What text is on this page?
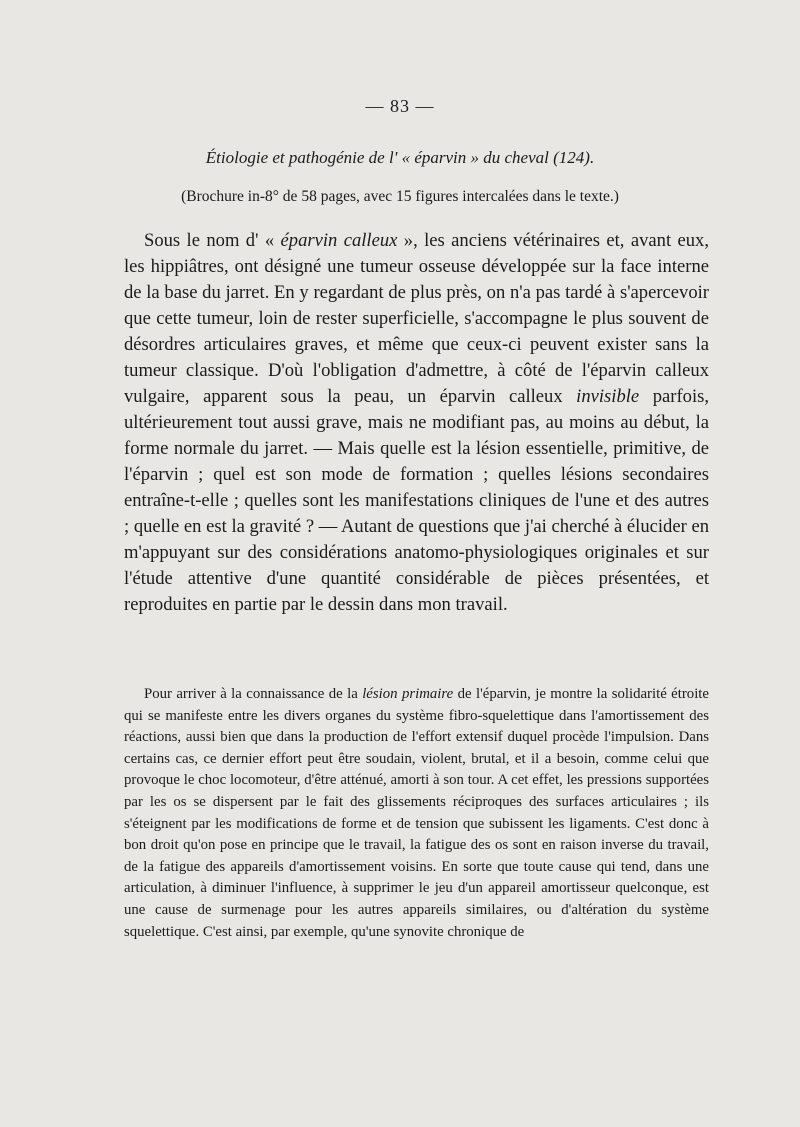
— 83 —
Étiologie et pathogénie de l' « éparvin » du cheval (124).
(Brochure in-8° de 58 pages, avec 15 figures intercalées dans le texte.)

Sous le nom d' « éparvin calleux », les anciens vétérinaires et, avant eux, les hippiâtres, ont désigné une tumeur osseuse développée sur la face interne de la base du jarret. En y regardant de plus près, on n'a pas tardé à s'apercevoir que cette tumeur, loin de rester superficielle, s'accompagne le plus souvent de désordres articulaires graves, et même que ceux-ci peuvent exister sans la tumeur classique. D'où l'obligation d'admettre, à côté de l'éparvin calleux vulgaire, apparent sous la peau, un éparvin calleux invisible parfois, ultérieurement tout aussi grave, mais ne modifiant pas, au moins au début, la forme normale du jarret. — Mais quelle est la lésion essentielle, primitive, de l'éparvin ; quel est son mode de formation ; quelles lésions secondaires entraîne-t-elle ; quelles sont les manifestations cliniques de l'une et des autres ; quelle en est la gravité ? — Autant de questions que j'ai cherché à élucider en m'appuyant sur des considérations anatomo-physiologiques originales et sur l'étude attentive d'une quantité considérable de pièces présentées, et reproduites en partie par le dessin dans mon travail.

Pour arriver à la connaissance de la lésion primaire de l'éparvin, je montre la solidarité étroite qui se manifeste entre les divers organes du système fibro-squelettique dans l'amortissement des réactions, aussi bien que dans la production de l'effort extensif duquel procède l'impulsion. Dans certains cas, ce dernier effort peut être soudain, violent, brutal, et il a besoin, comme celui que provoque le choc locomoteur, d'être atténué, amorti à son tour. A cet effet, les pressions supportées par les os se dispersent par le fait des glissements réciproques des surfaces articulaires ; ils s'éteignent par les modifications de forme et de tension que subissent les ligaments. C'est donc à bon droit qu'on pose en principe que le travail, la fatigue des os sont en raison inverse du travail, de la fatigue des appareils d'amortissement voisins. En sorte que toute cause qui tend, dans une articulation, à diminuer l'influence, à supprimer le jeu d'un appareil amortisseur quelconque, est une cause de surmenage pour les autres appareils similaires, ou d'altération du système squelettique. C'est ainsi, par exemple, qu'une synovite chronique de
